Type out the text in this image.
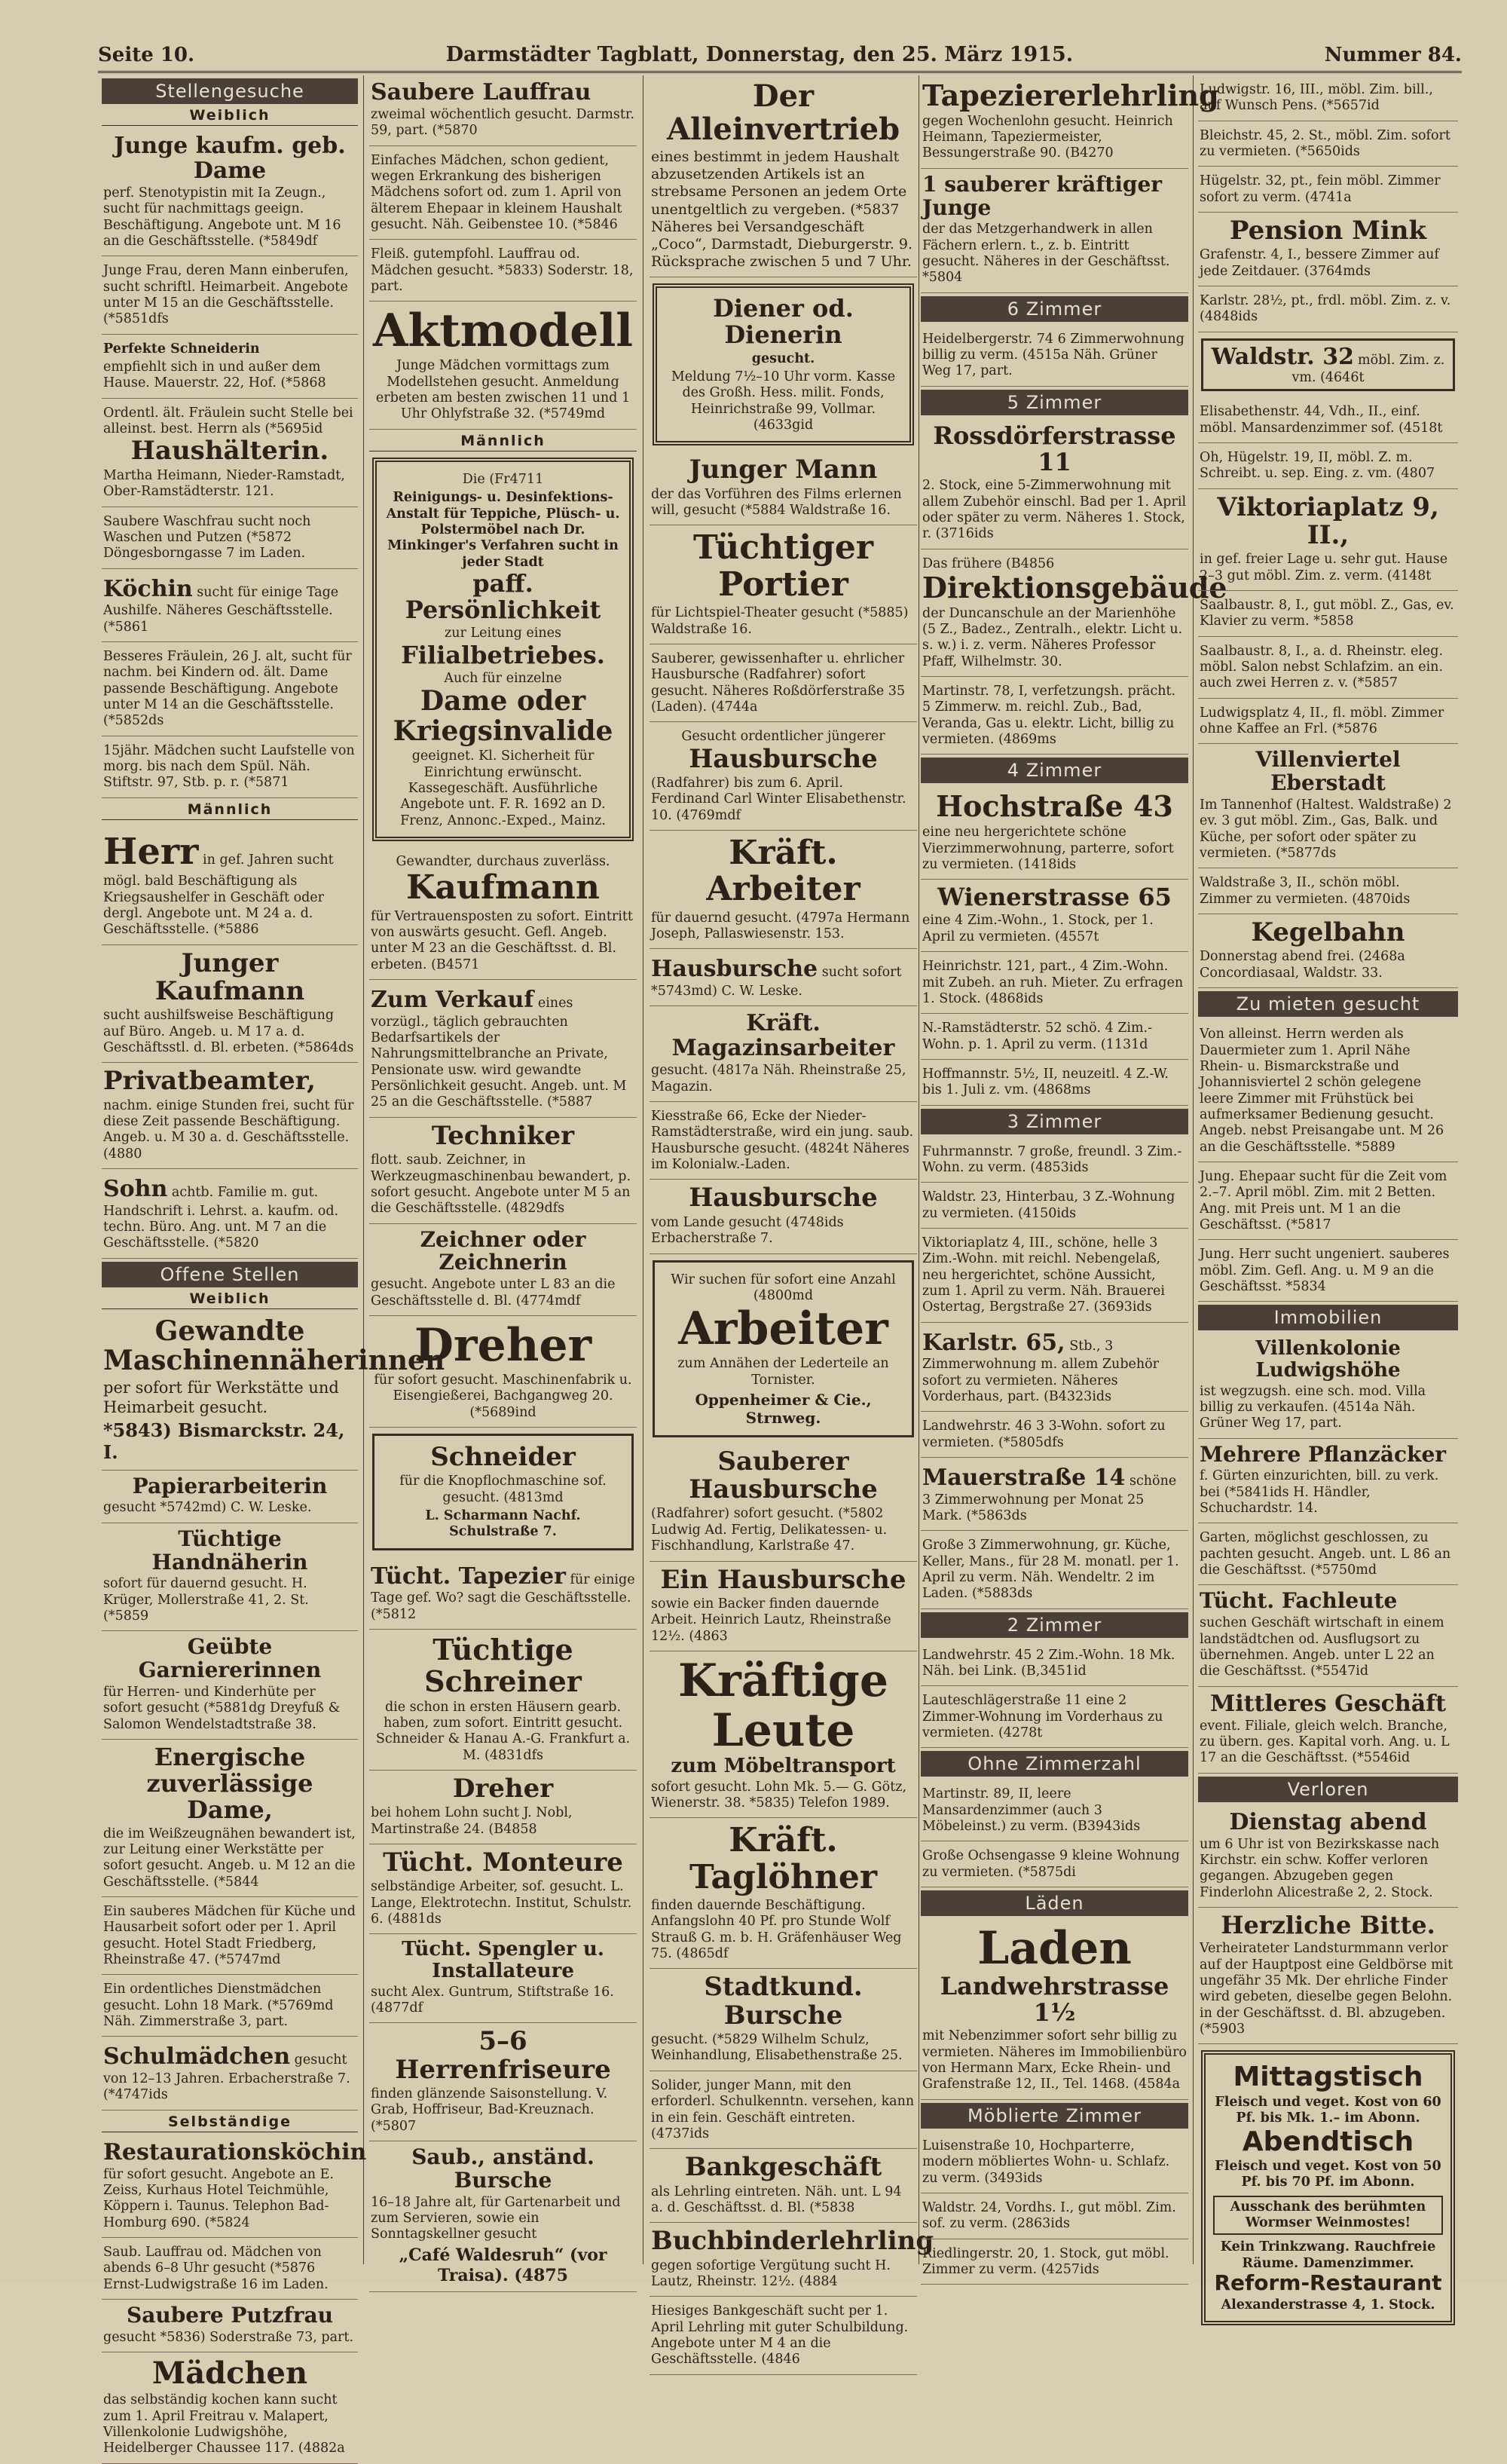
Seite 10.	Darmstädter Tagblatt, Donnerstag, den 25. März 1915.	Nummer 84.
Stellengesuche
Weiblich
Junge kaufm. geb. Dame
perf. Stenotypistin mit Ia Zeugn., sucht für nachmittags geeign. Beschäftigung. Angebote unt. M 16 an die Geschäftsstelle. (*5849df
Junge Frau, deren Mann einberufen, sucht schriftl. Heimarbeit. Angebote unter M 15 an die Geschäftsstelle. (*5851dfs
Perfekte Schneiderin
empfiehlt sich in und außer dem Hause. Mauerstr. 22, Hof. (*5868
Ordentl. ält. Fräulein sucht Stelle bei alleinst. best. Herrn als (*5695id
Haushälterin.
Martha Heimann, Nieder-Ramstadt, Ober-Ramstädterstr. 121.
Saubere Waschfrau sucht noch Waschen und Putzen (*5872 Döngesborngasse 7 im Laden.
Köchin sucht für einige Tage Aushilfe. Näheres Geschäftsstelle. (*5861
Besseres Fräulein, 26 J. alt, sucht für nachm. bei Kindern od. ält. Dame passende Beschäftigung. Angebote unter M 14 an die Geschäftsstelle. (*5852ds
15jähr. Mädchen sucht Laufstelle von morg. bis nach dem Spül. Näh. Stiftstr. 97, Stb. p. r. (*5871
Männlich
Herr in gef. Jahren sucht mögl. bald Beschäftigung als Kriegsaushelfer in Geschäft oder dergl. Angebote unt. M 24 a. d. Geschäftsstelle. (*5886
Junger Kaufmann
sucht aushilfsweise Beschäftigung auf Büro. Angeb. u. M 17 a. d. Geschäftsstl. d. Bl. erbeten. (*5864ds
Privatbeamter,
nachm. einige Stunden frei, sucht für diese Zeit passende Beschäftigung. Angeb. u. M 30 a. d. Geschäftsstelle. (4880
Sohn achtb. Familie m. gut. Handschrift i. Lehrst. a. kaufm. od. techn. Büro. Ang. unt. M 7 an die Geschäftsstelle. (*5820
Offene Stellen
Weiblich
Gewandte Maschinennäherinnen
per sofort für Werkstätte und Heimarbeit gesucht.
*5843) Bismarckstr. 24, I.
Papierarbeiterin
gesucht *5742md) C. W. Leske.
Tüchtige Handnäherin
sofort für dauernd gesucht. H. Krüger, Mollerstraße 41, 2. St. (*5859
Geübte Garniererinnen
für Herren- und Kinderhüte per sofort gesucht (*5881dg Dreyfuß & Salomon Wendelstadtstraße 38.
Energische zuverlässige Dame,
die im Weißzeugnähen bewandert ist, zur Leitung einer Werkstätte per sofort gesucht. Angeb. u. M 12 an die Geschäftsstelle. (*5844
Ein sauberes Mädchen für Küche und Hausarbeit sofort oder per 1. April gesucht. Hotel Stadt Friedberg, Rheinstraße 47. (*5747md
Ein ordentliches Dienstmädchen gesucht. Lohn 18 Mark. (*5769md Näh. Zimmerstraße 3, part.
Schulmädchen gesucht von 12–13 Jahren. Erbacherstraße 7. (*4747ids
Selbständige
Restaurationsköchin
für sofort gesucht. Angebote an E. Zeiss, Kurhaus Hotel Teichmühle, Köppern i. Taunus. Telephon Bad-Homburg 690. (*5824
Saub. Lauffrau od. Mädchen von abends 6–8 Uhr gesucht (*5876 Ernst-Ludwigstraße 16 im Laden.
Saubere Putzfrau
gesucht *5836) Soderstraße 73, part.
Mädchen
das selbständig kochen kann sucht zum 1. April Freitrau v. Malapert, Villenkolonie Ludwigshöhe, Heidelberger Chaussee 117. (4882a
Saubere Lauffrau
zweimal wöchentlich gesucht. Darmstr. 59, part. (*5870
Einfaches Mädchen, schon gedient, wegen Erkrankung des bisherigen Mädchens sofort od. zum 1. April von älterem Ehepaar in kleinem Haushalt gesucht. Näh. Geibenstee 10. (*5846
Fleiß. gutempfohl. Lauffrau od. Mädchen gesucht. *5833) Soderstr. 18, part.
Aktmodell
Junge Mädchen vormittags zum Modellstehen gesucht. Anmeldung erbeten am besten zwischen 11 und 1 Uhr Ohlyfstraße 32. (*5749md
Männlich
Die (Fr4711
Reinigungs- u. Desinfektions-Anstalt für Teppiche, Plüsch- u. Polstermöbel nach Dr. Minkinger's Verfahren sucht in jeder Stadt
paff. Persönlichkeit
zur Leitung eines
Filialbetriebes.
Auch für einzelne
Dame oder Kriegsinvalide
geeignet. Kl. Sicherheit für Einrichtung erwünscht. Kassegeschäft. Ausführliche Angebote unt. F. R. 1692 an D. Frenz, Annonc.-Exped., Mainz.
Gewandter, durchaus zuverläss.
Kaufmann
für Vertrauensposten zu sofort. Eintritt von auswärts gesucht. Gefl. Angeb. unter M 23 an die Geschäftsst. d. Bl. erbeten. (B4571
Zum Verkauf eines vorzügl., täglich gebrauchten Bedarfsartikels der Nahrungsmittelbranche an Private, Pensionate usw. wird gewandte Persönlichkeit gesucht. Angeb. unt. M 25 an die Geschäftsstelle. (*5887
Techniker
flott. saub. Zeichner, in Werkzeugmaschinenbau bewandert, p. sofort gesucht. Angebote unter M 5 an die Geschäftsstelle. (4829dfs
Zeichner oder Zeichnerin
gesucht. Angebote unter L 83 an die Geschäftsstelle d. Bl. (4774mdf
Dreher
für sofort gesucht. Maschinenfabrik u. Eisengießerei, Bachgangweg 20. (*5689ind
Schneider
für die Knopflochmaschine sof. gesucht. (4813md
L. Scharmann Nachf. Schulstraße 7.
Tücht. Tapezier für einige Tage gef. Wo? sagt die Geschäftsstelle. (*5812
Tüchtige Schreiner
die schon in ersten Häusern gearb. haben, zum sofort. Eintritt gesucht. Schneider & Hanau A.-G. Frankfurt a. M. (4831dfs
Dreher
bei hohem Lohn sucht J. Nobl, Martinstraße 24. (B4858
Tücht. Monteure
selbständige Arbeiter, sof. gesucht. L. Lange, Elektrotechn. Institut, Schulstr. 6. (4881ds
Tücht. Spengler u. Installateure
sucht Alex. Guntrum, Stiftstraße 16. (4877df
5–6 Herrenfriseure
finden glänzende Saisonstellung. V. Grab, Hoffriseur, Bad-Kreuznach. (*5807
Saub., anständ. Bursche
16–18 Jahre alt, für Gartenarbeit und zum Servieren, sowie ein Sonntagskellner gesucht
„Café Waldesruh“ (vor Traisa). (4875
Der Alleinvertrieb
eines bestimmt in jedem Haushalt abzusetzenden Artikels ist an strebsame Personen an jedem Orte unentgeltlich zu vergeben. (*5837 Näheres bei Versandgeschäft „Coco“, Darmstadt, Dieburgerstr. 9. Rücksprache zwischen 5 und 7 Uhr.
Diener od. Dienerin
gesucht.
Meldung 7½–10 Uhr vorm. Kasse des Großh. Hess. milit. Fonds, Heinrichstraße 99, Vollmar. (4633gid
Junger Mann
der das Vorführen des Films erlernen will, gesucht (*5884 Waldstraße 16.
Tüchtiger Portier
für Lichtspiel-Theater gesucht (*5885) Waldstraße 16.
Sauberer, gewissenhafter u. ehrlicher Hausbursche (Radfahrer) sofort gesucht. Näheres Roßdörferstraße 35 (Laden). (4744a
Gesucht ordentlicher jüngerer
Hausbursche
(Radfahrer) bis zum 6. April. Ferdinand Carl Winter Elisabethenstr. 10. (4769mdf
Kräft. Arbeiter
für dauernd gesucht. (4797a Hermann Joseph, Pallaswiesenstr. 153.
Hausbursche sucht sofort *5743md) C. W. Leske.
Kräft. Magazinsarbeiter
gesucht. (4817a Näh. Rheinstraße 25, Magazin.
Kiesstraße 66, Ecke der Nieder-Ramstädterstraße, wird ein jung. saub. Hausbursche gesucht. (4824t Näheres im Kolonialw.-Laden.
Hausbursche
vom Lande gesucht (4748ids Erbacherstraße 7.
Wir suchen für sofort eine Anzahl (4800md
Arbeiter
zum Annähen der Lederteile an Tornister.
Oppenheimer & Cie., Strnweg.
Sauberer Hausbursche
(Radfahrer) sofort gesucht. (*5802 Ludwig Ad. Fertig, Delikatessen- u. Fischhandlung, Karlstraße 47.
Ein Hausbursche
sowie ein Backer finden dauernde Arbeit. Heinrich Lautz, Rheinstraße 12½. (4863
Kräftige Leute
zum Möbeltransport
sofort gesucht. Lohn Mk. 5.— G. Götz, Wienerstr. 38. *5835) Telefon 1989.
Kräft. Taglöhner
finden dauernde Beschäftigung. Anfangslohn 40 Pf. pro Stunde Wolf Strauß G. m. b. H. Gräfenhäuser Weg 75. (4865df
Stadtkund. Bursche
gesucht. (*5829 Wilhelm Schulz, Weinhandlung, Elisabethenstraße 25.
Solider, junger Mann, mit den erforderl. Schulkenntn. versehen, kann in ein fein. Geschäft eintreten. (4737ids
Bankgeschäft
als Lehrling eintreten. Näh. unt. L 94 a. d. Geschäftsst. d. Bl. (*5838
Buchbinderlehrling
gegen sofortige Vergütung sucht H. Lautz, Rheinstr. 12½. (4884
Hiesiges Bankgeschäft sucht per 1. April Lehrling mit guter Schulbildung. Angebote unter M 4 an die Geschäftsstelle. (4846
Tapeziererlehrling
gegen Wochenlohn gesucht. Heinrich Heimann, Tapeziermeister, Bessungerstraße 90. (B4270
1 sauberer kräftiger Junge
der das Metzgerhandwerk in allen Fächern erlern. t., z. b. Eintritt gesucht. Näheres in der Geschäftsst. *5804
6 Zimmer
Heidelbergerstr. 74 6 Zimmerwohnung billig zu verm. (4515a Näh. Grüner Weg 17, part.
5 Zimmer
Rossdörferstrasse 11
2. Stock, eine 5-Zimmerwohnung mit allem Zubehör einschl. Bad per 1. April oder später zu verm. Näheres 1. Stock, r. (3716ids
Das frühere (B4856
Direktionsgebäude
der Duncanschule an der Marienhöhe (5 Z., Badez., Zentralh., elektr. Licht u. s. w.) i. z. verm. Näheres Professor Pfaff, Wilhelmstr. 30.
Martinstr. 78, I, verfetzungsh. prächt. 5 Zimmerw. m. reichl. Zub., Bad, Veranda, Gas u. elektr. Licht, billig zu vermieten. (4869ms
4 Zimmer
Hochstraße 43
eine neu hergerichtete schöne Vierzimmerwohnung, parterre, sofort zu vermieten. (1418ids
Wienerstrasse 65
eine 4 Zim.-Wohn., 1. Stock, per 1. April zu vermieten. (4557t
Heinrichstr. 121, part., 4 Zim.-Wohn. mit Zubeh. an ruh. Mieter. Zu erfragen 1. Stock. (4868ids
N.-Ramstädterstr. 52 schö. 4 Zim.-Wohn. p. 1. April zu verm. (1131d
Hoffmannstr. 5½, II, neuzeitl. 4 Z.-W. bis 1. Juli z. vm. (4868ms
3 Zimmer
Fuhrmannstr. 7 große, freundl. 3 Zim.-Wohn. zu verm. (4853ids
Waldstr. 23, Hinterbau, 3 Z.-Wohnung zu vermieten. (4150ids
Viktoriaplatz 4, III., schöne, helle 3 Zim.-Wohn. mit reichl. Nebengelaß, neu hergerichtet, schöne Aussicht, zum 1. April zu verm. Näh. Brauerei Ostertag, Bergstraße 27. (3693ids
Karlstr. 65, Stb., 3 Zimmerwohnung m. allem Zubehör sofort zu vermieten. Näheres Vorderhaus, part. (B4323ids
Landwehrstr. 46 3 3-Wohn. sofort zu vermieten. (*5805dfs
Mauerstraße 14 schöne 3 Zimmerwohnung per Monat 25 Mark. (*5863ds
Große 3 Zimmerwohnung, gr. Küche, Keller, Mans., für 28 M. monatl. per 1. April zu verm. Näh. Wendeltr. 2 im Laden. (*5883ds
2 Zimmer
Landwehrstr. 45 2 Zim.-Wohn. 18 Mk. Näh. bei Link. (B,3451id
Lauteschlägerstraße 11 eine 2 Zimmer-Wohnung im Vorderhaus zu vermieten. (4278t
Ohne Zimmerzahl
Martinstr. 89, II, leere Mansardenzimmer (auch 3 Möbeleinst.) zu verm. (B3943ids
Große Ochsengasse 9 kleine Wohnung zu vermieten. (*5875di
Läden
Laden
Landwehrstrasse 1½
mit Nebenzimmer sofort sehr billig zu vermieten. Näheres im Immobilienbüro von Hermann Marx, Ecke Rhein- und Grafenstraße 12, II., Tel. 1468. (4584a
Möblierte Zimmer
Luisenstraße 10, Hochparterre, modern möbliertes Wohn- u. Schlafz. zu verm. (3493ids
Waldstr. 24, Vordhs. I., gut möbl. Zim. sof. zu verm. (2863ids
Riedlingerstr. 20, 1. Stock, gut möbl. Zimmer zu verm. (4257ids
Ludwigstr. 16, III., möbl. Zim. bill., auf Wunsch Pens. (*5657id
Bleichstr. 45, 2. St., möbl. Zim. sofort zu vermieten. (*5650ids
Hügelstr. 32, pt., fein möbl. Zimmer sofort zu verm. (4741a
Pension Mink
Grafenstr. 4, I., bessere Zimmer auf jede Zeitdauer. (3764mds
Karlstr. 28½, pt., frdl. möbl. Zim. z. v. (4848ids
Waldstr. 32 möbl. Zim. z. vm. (4646t
Elisabethenstr. 44, Vdh., II., einf. möbl. Mansardenzimmer sof. (4518t
Oh, Hügelstr. 19, II, möbl. Z. m. Schreibt. u. sep. Eing. z. vm. (4807
Viktoriaplatz 9, II.,
in gef. freier Lage u. sehr gut. Hause 2–3 gut möbl. Zim. z. verm. (4148t
Saalbaustr. 8, I., gut möbl. Z., Gas, ev. Klavier zu verm. *5858
Saalbaustr. 8, I., a. d. Rheinstr. eleg. möbl. Salon nebst Schlafzim. an ein. auch zwei Herren z. v. (*5857
Ludwigsplatz 4, II., fl. möbl. Zimmer ohne Kaffee an Frl. (*5876
Villenviertel Eberstadt
Im Tannenhof (Haltest. Waldstraße) 2 ev. 3 gut möbl. Zim., Gas, Balk. und Küche, per sofort oder später zu vermieten. (*5877ds
Waldstraße 3, II., schön möbl. Zimmer zu vermieten. (4870ids
Kegelbahn
Donnerstag abend frei. (2468a Concordiasaal, Waldstr. 33.
Zu mieten gesucht
Von alleinst. Herrn werden als Dauermieter zum 1. April Nähe Rhein- u. Bismarckstraße und Johannisviertel 2 schön gelegene leere Zimmer mit Frühstück bei aufmerksamer Bedienung gesucht. Angeb. nebst Preisangabe unt. M 26 an die Geschäftsstelle. *5889
Jung. Ehepaar sucht für die Zeit vom 2.–7. April möbl. Zim. mit 2 Betten. Ang. mit Preis unt. M 1 an die Geschäftsst. (*5817
Jung. Herr sucht ungeniert. sauberes möbl. Zim. Gefl. Ang. u. M 9 an die Geschäftsst. *5834
Immobilien
Villenkolonie Ludwigshöhe
ist wegzugsh. eine sch. mod. Villa billig zu verkaufen. (4514a Näh. Grüner Weg 17, part.
Mehrere Pflanzäcker
f. Gürten einzurichten, bill. zu verk. bei (*5841ids H. Händler, Schuchardstr. 14.
Garten, möglichst geschlossen, zu pachten gesucht. Angeb. unt. L 86 an die Geschäftsst. (*5750md
Tücht. Fachleute
suchen Geschäft wirtschaft in einem landstädtchen od. Ausflugsort zu übernehmen. Angeb. unter L 22 an die Geschäftsst. (*5547id
Mittleres Geschäft
event. Filiale, gleich welch. Branche, zu übern. ges. Kapital vorh. Ang. u. L 17 an die Geschäftsst. (*5546id
Verloren
Dienstag abend
um 6 Uhr ist von Bezirkskasse nach Kirchstr. ein schw. Koffer verloren gegangen. Abzugeben gegen Finderlohn Alicestraße 2, 2. Stock.
Herzliche Bitte.
Verheirateter Landsturmmann verlor auf der Hauptpost eine Geldbörse mit ungefähr 35 Mk. Der ehrliche Finder wird gebeten, dieselbe gegen Belohn. in der Geschäftsst. d. Bl. abzugeben. (*5903
Mittagstisch
Fleisch und veget. Kost von 60 Pf. bis Mk. 1.– im Abonn.
Abendtisch
Fleisch und veget. Kost von 50 Pf. bis 70 Pf. im Abonn.
Ausschank des berühmten Wormser Weinmostes!
Kein Trinkzwang. Rauchfreie Räume. Damenzimmer.
Reform-Restaurant
Alexanderstrasse 4, 1. Stock.
